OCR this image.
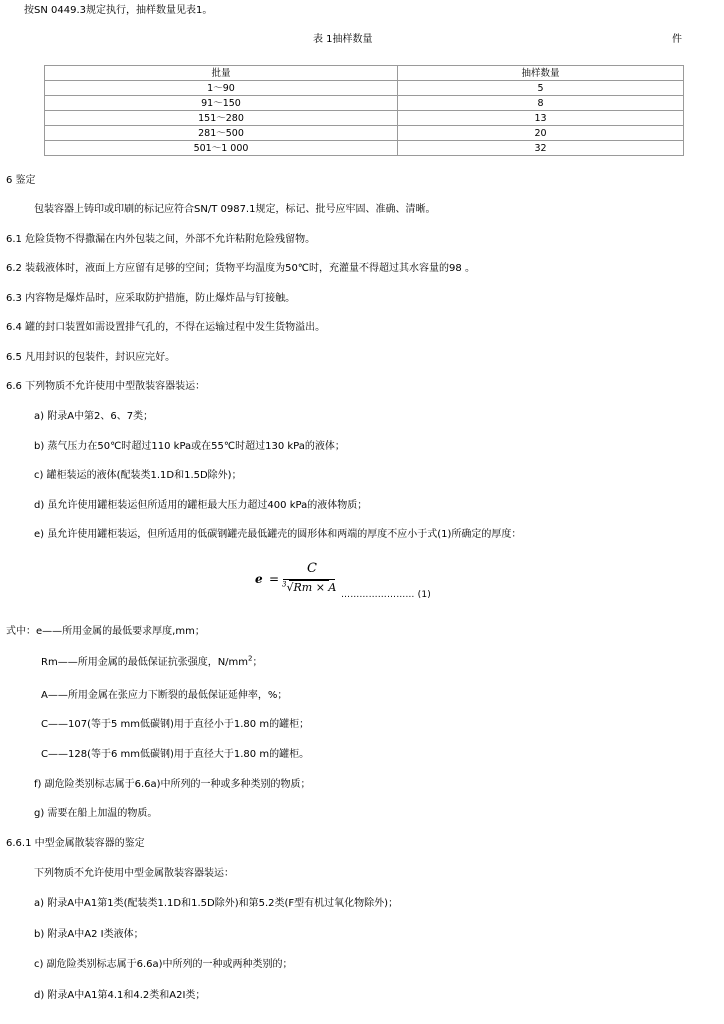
按SN 0449.3规定执行，抽样数量见表1。
表 1抽样数量	件
批量	抽样数量
1～90	5
91～150	8
151～280	13
281～500	20
501～1 000	32
6 鉴定
包装容器上铸印或印刷的标记应符合SN/T 0987.1规定，标记、批号应牢固、准确、清晰。
6.1 危险货物不得撒漏在内外包装之间，外部不允许粘附危险残留物。
6.2 装载液体时，液面上方应留有足够的空间；货物平均温度为50℃时，充灌量不得超过其水容量的98 。
6.3 内容物是爆炸品时，应采取防护措施，防止爆炸品与钉接触。
6.4 罐的封口装置如需设置排气孔的，不得在运输过程中发生货物溢出。
6.5 凡用封识的包装件，封识应完好。
6.6 下列物质不允许使用中型散装容器装运：
a) 附录A中第2、6、7类；
b) 蒸气压力在50℃时超过110 kPa或在55℃时超过130 kPa的液体；
c) 罐柜装运的液体(配装类1.1D和1.5D除外)；
d) 虽允许使用罐柜装运但所适用的罐柜最大压力超过400 kPa的液体物质；
e) 虽允许使用罐柜装运，但所适用的低碳钢罐壳最低罐壳的圆形体和两端的厚度不应小于式(1)所确定的厚度：
e =
C
$^3$√
Rm × A
…………………… (1)
式中：e——所用金属的最低要求厚度,mm；
Rm——所用金属的最低保证抗张强度，$N/mm^2$；
A——所用金属在张应力下断裂的最低保证延伸率，%；
C——107(等于5 mm低碳钢)用于直径小于1.80 m的罐柜；
C——128(等于6 mm低碳钢)用于直径大于1.80 m的罐柜。
f) 副危险类别标志属于6.6a)中所列的一种或多种类别的物质；
g) 需要在船上加温的物质。
6.6.1 中型金属散装容器的鉴定
下列物质不允许使用中型金属散装容器装运：
a) 附录A中A1第1类(配装类1.1D和1.5D除外)和第5.2类(F型有机过氧化物除外)；
b) 附录A中A2 Ⅰ类液体；
c) 副危险类别标志属于6.6a)中所列的一种或两种类别的；
d) 附录A中A1第4.1和4.2类和A2Ⅰ类；
